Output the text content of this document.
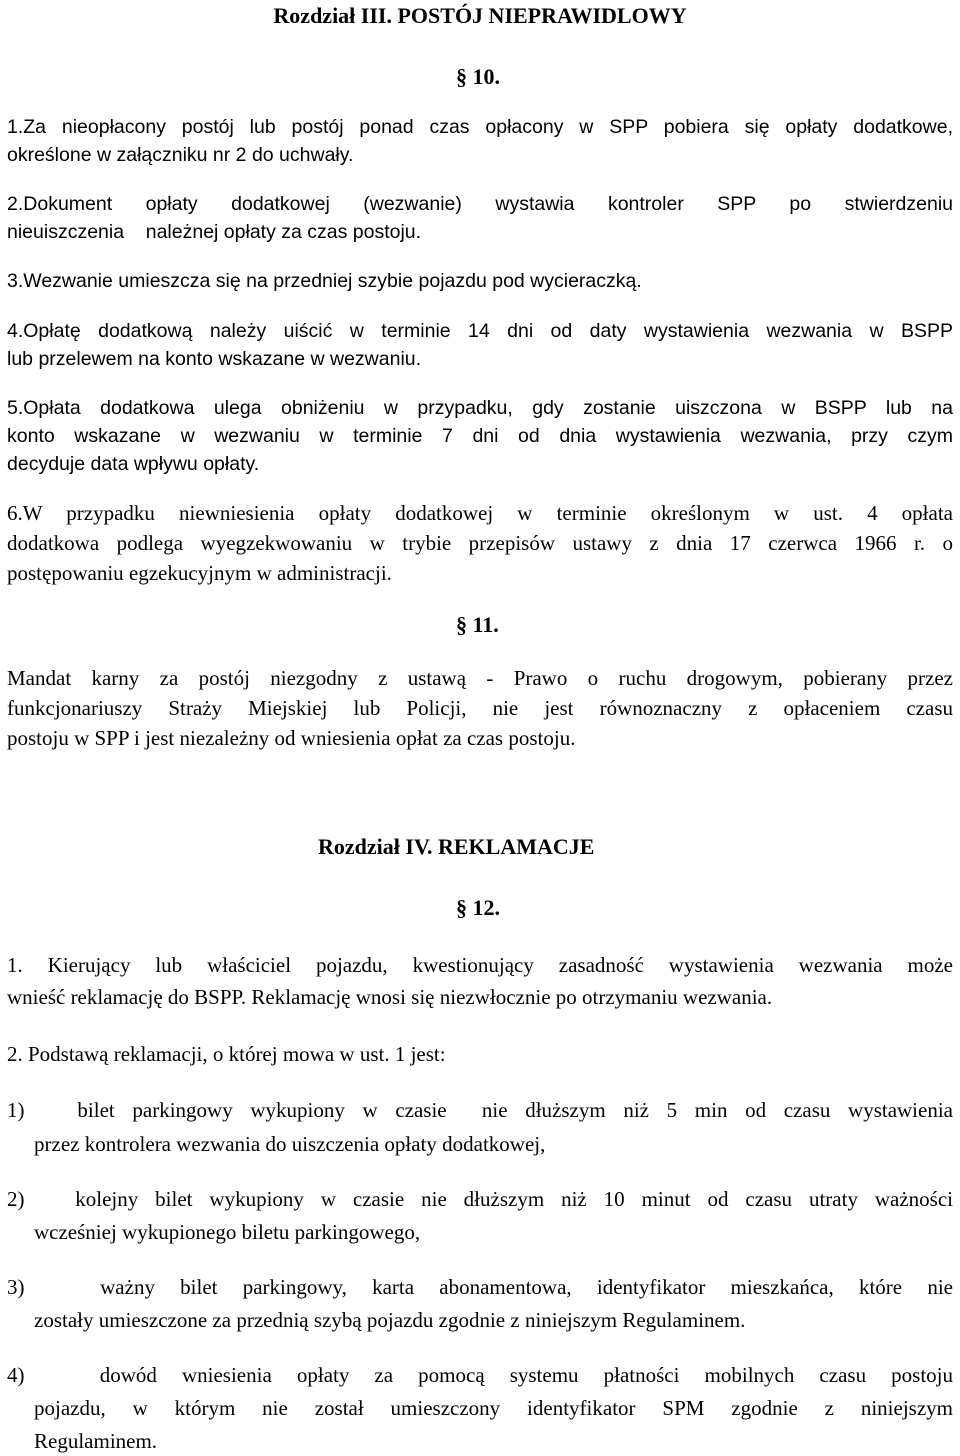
Rozdział III. POSTÓJ NIEPRAWIDLOWY
§ 10.
1.Za nieopłacony postój lub postój ponad czas opłacony w SPP pobiera się opłaty dodatkowe,
określone w załączniku nr 2 do uchwały.
2.Dokument opłaty dodatkowej (wezwanie) wystawia kontroler SPP po stwierdzeniu
nieuiszczenia    należnej opłaty za czas postoju.
3.Wezwanie umieszcza się na przedniej szybie pojazdu pod wycieraczką.
4.Opłatę dodatkową należy uiścić w terminie 14 dni od daty wystawienia wezwania w BSPP
lub przelewem na konto wskazane w wezwaniu.
5.Opłata dodatkowa ulega obniżeniu w przypadku, gdy zostanie uiszczona w BSPP lub na
konto wskazane w wezwaniu w terminie 7 dni od dnia wystawienia wezwania, przy czym
decyduje data wpływu opłaty.
6.W przypadku niewniesienia opłaty dodatkowej w terminie określonym w ust. 4 opłata
dodatkowa podlega wyegzekwowaniu w trybie przepisów ustawy z dnia 17 czerwca 1966 r. o
postępowaniu egzekucyjnym w administracji.
§ 11.
Mandat karny za postój niezgodny z ustawą - Prawo o ruchu drogowym, pobierany przez
funkcjonariuszy Straży Miejskiej lub Policji, nie jest równoznaczny z opłaceniem czasu
postoju w SPP i jest niezależny od wniesienia opłat za czas postoju.
Rozdział IV. REKLAMACJE
§ 12.
1. Kierujący lub właściciel pojazdu, kwestionujący zasadność wystawienia wezwania może
wnieść reklamację do BSPP. Reklamację wnosi się niezwłocznie po otrzymaniu wezwania.
2. Podstawą reklamacji, o której mowa w ust. 1 jest:
1)   bilet parkingowy wykupiony w czasie  nie dłuższym niż 5 min od czasu wystawienia
przez kontrolera wezwania do uiszczenia opłaty dodatkowej,
2)   kolejny bilet wykupiony w czasie nie dłuższym niż 10 minut od czasu utraty ważności
wcześniej wykupionego biletu parkingowego,
3)   ważny bilet parkingowy, karta abonamentowa, identyfikator mieszkańca, które nie
zostały umieszczone za przednią szybą pojazdu zgodnie z niniejszym Regulaminem.
4)   dowód wniesienia opłaty za pomocą systemu płatności mobilnych czasu postoju
pojazdu, w którym nie został umieszczony identyfikator SPM zgodnie z niniejszym
Regulaminem.
